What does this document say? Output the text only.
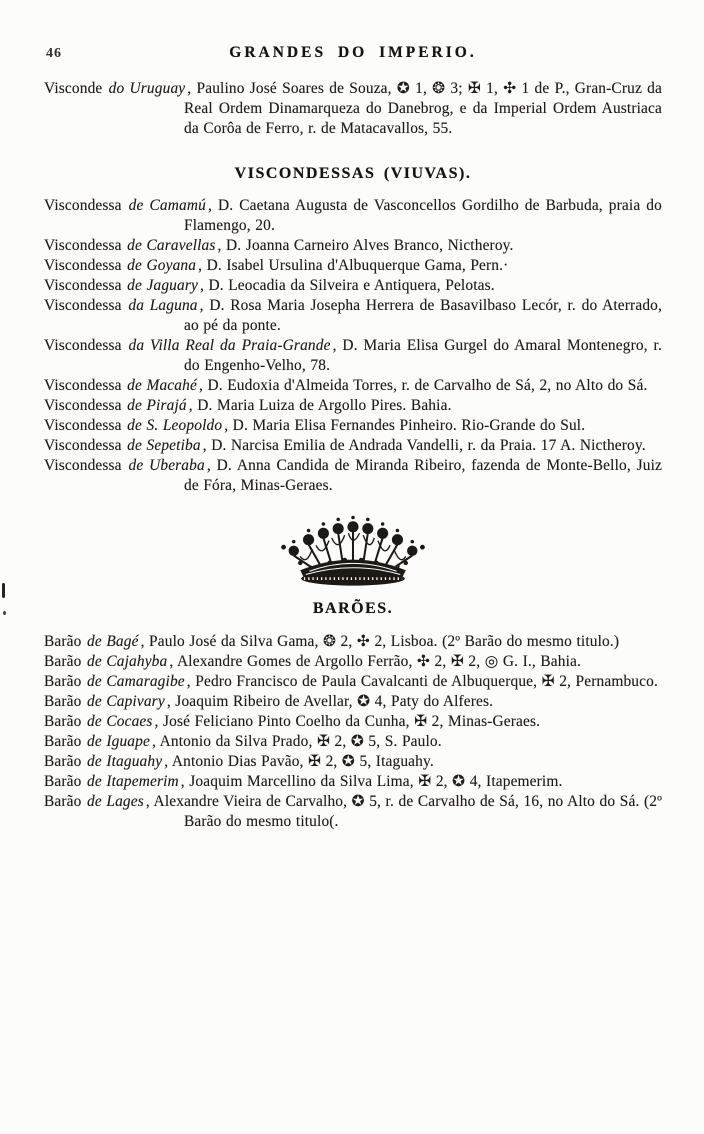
46	GRANDES DO IMPERIO.

Visconde do Uruguay , Paulino José Soares de Souza, ✪ 1, ❂ 3; ✠ 1, ✣ 1 de P., Gran-Cruz da Real Ordem Dinamarqueza do Danebrog, e da Imperial Ordem Austriaca da Corôa de Ferro, r. de Matacavallos, 55.

VISCONDESSAS (VIUVAS).

Viscondessa de Camamú , D. Caetana Augusta de Vasconcellos Gordilho de Barbuda, praia do Flamengo, 20.

Viscondessa de Caravellas , D. Joanna Carneiro Alves Branco, Nictheroy.

Viscondessa de Goyana , D. Isabel Ursulina d'Albuquerque Gama, Pern.·

Viscondessa de Jaguary , D. Leocadia da Silveira e Antiquera, Pelotas.

Viscondessa da Laguna , D. Rosa Maria Josepha Herrera de Basavilbaso Lecór, r. do Aterrado, ao pé da ponte.

Viscondessa da Villa Real da Praia-Grande , D. Maria Elisa Gurgel do Amaral Montenegro, r. do Engenho-Velho, 78.

Viscondessa de Macahé , D. Eudoxia d'Almeida Torres, r. de Carvalho de Sá, 2, no Alto do Sá.

Viscondessa de Pirajá , D. Maria Luiza de Argollo Pires. Bahia.

Viscondessa de S. Leopoldo , D. Maria Elisa Fernandes Pinheiro. Rio-Grande do Sul.

Viscondessa de Sepetiba , D. Narcisa Emilia de Andrada Vandelli, r. da Praia. 17 A. Nictheroy.

Viscondessa de Uberaba , D. Anna Candida de Miranda Ribeiro, fazenda de Monte-Bello, Juiz de Fóra, Minas-Geraes.

BARÕES.

Barão de Bagé , Paulo José da Silva Gama, ❂ 2, ✣ 2, Lisboa. (2º Barão do mesmo titulo.)

Barão de Cajahyba , Alexandre Gomes de Argollo Ferrão, ✣ 2, ✠ 2, ◎ G. I., Bahia.

Barão de Camaragibe , Pedro Francisco de Paula Cavalcanti de Albuquerque, ✠ 2, Pernambuco.

Barão de Capivary , Joaquim Ribeiro de Avellar, ✪ 4, Paty do Alferes.

Barão de Cocaes , José Feliciano Pinto Coelho da Cunha, ✠ 2, Minas-Geraes.

Barão de Iguape , Antonio da Silva Prado, ✠ 2, ✪ 5, S. Paulo.

Barão de Itaguahy , Antonio Dias Pavão, ✠ 2, ✪ 5, Itaguahy.

Barão de Itapemerim , Joaquim Marcellino da Silva Lima, ✠ 2, ✪ 4, Itapemerim.

Barão de Lages , Alexandre Vieira de Carvalho, ✪ 5, r. de Carvalho de Sá, 16, no Alto do Sá. (2º Barão do mesmo titulo(.
